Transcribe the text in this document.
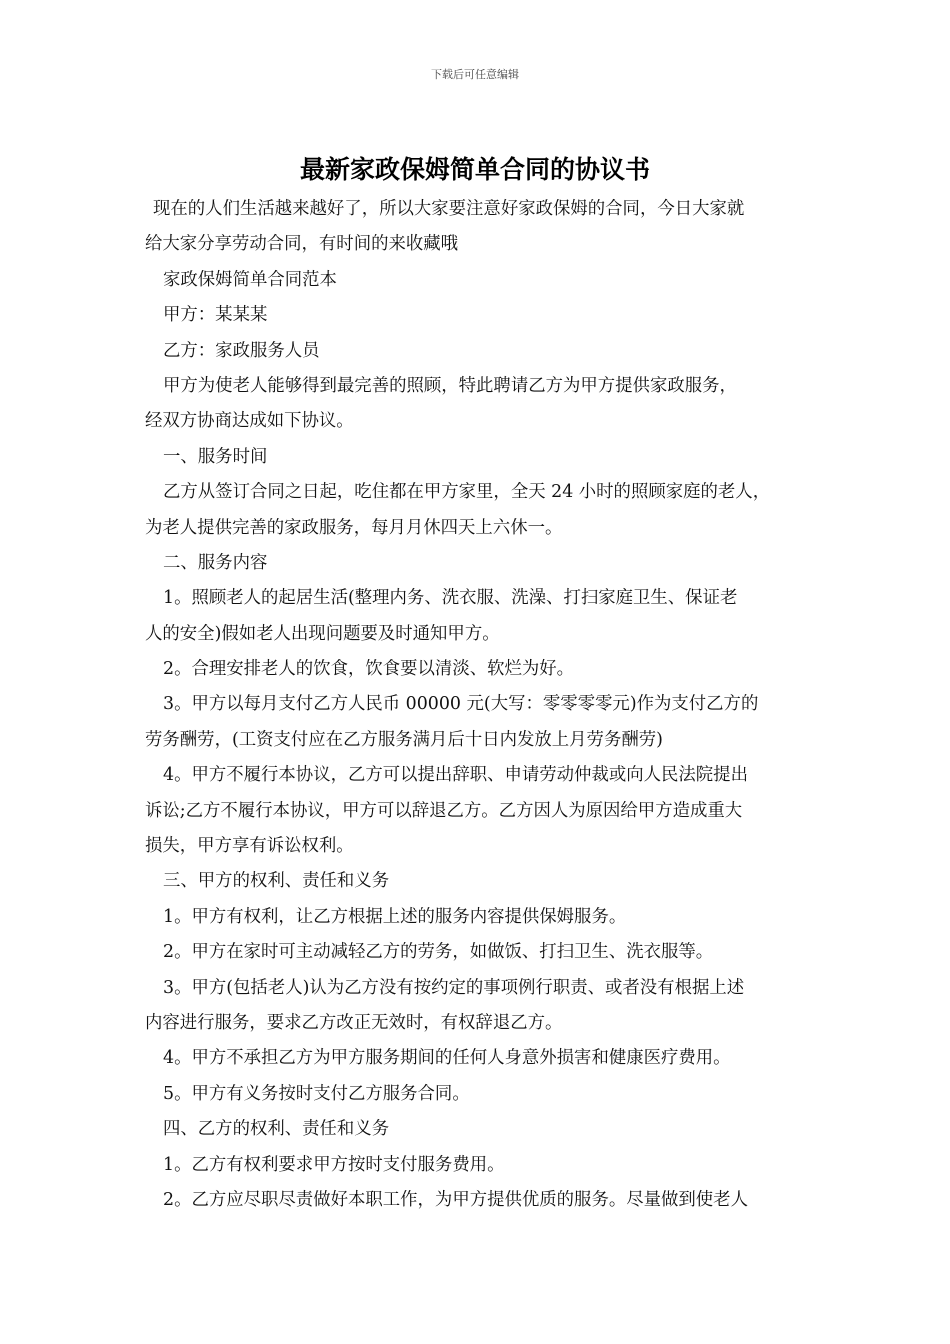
下载后可任意编辑
最新家政保姆简单合同的协议书
现在的人们生活越来越好了，所以大家要注意好家政保姆的合同，今日大家就
给大家分享劳动合同，有时间的来收藏哦
家政保姆简单合同范本
甲方：某某某
乙方：家政服务人员
甲方为使老人能够得到最完善的照顾，特此聘请乙方为甲方提供家政服务，
经双方协商达成如下协议。
一、服务时间
乙方从签订合同之日起，吃住都在甲方家里，全天 24 小时的照顾家庭的老人，
为老人提供完善的家政服务，每月月休四天上六休一。
二、服务内容
1。照顾老人的起居生活(整理内务、洗衣服、洗澡、打扫家庭卫生、保证老
人的安全)假如老人出现问题要及时通知甲方。
2。合理安排老人的饮食，饮食要以清淡、软烂为好。
3。甲方以每月支付乙方人民币 00000 元(大写：零零零零元)作为支付乙方的
劳务酬劳，(工资支付应在乙方服务满月后十日内发放上月劳务酬劳)
4。甲方不履行本协议，乙方可以提出辞职、申请劳动仲裁或向人民法院提出
诉讼;乙方不履行本协议，甲方可以辞退乙方。乙方因人为原因给甲方造成重大
损失，甲方享有诉讼权利。
三、甲方的权利、责任和义务
1。甲方有权利，让乙方根据上述的服务内容提供保姆服务。
2。甲方在家时可主动减轻乙方的劳务，如做饭、打扫卫生、洗衣服等。
3。甲方(包括老人)认为乙方没有按约定的事项例行职责、或者没有根据上述
内容进行服务，要求乙方改正无效时，有权辞退乙方。
4。甲方不承担乙方为甲方服务期间的任何人身意外损害和健康医疗费用。
5。甲方有义务按时支付乙方服务合同。
四、乙方的权利、责任和义务
1。乙方有权利要求甲方按时支付服务费用。
2。乙方应尽职尽责做好本职工作，为甲方提供优质的服务。尽量做到使老人
